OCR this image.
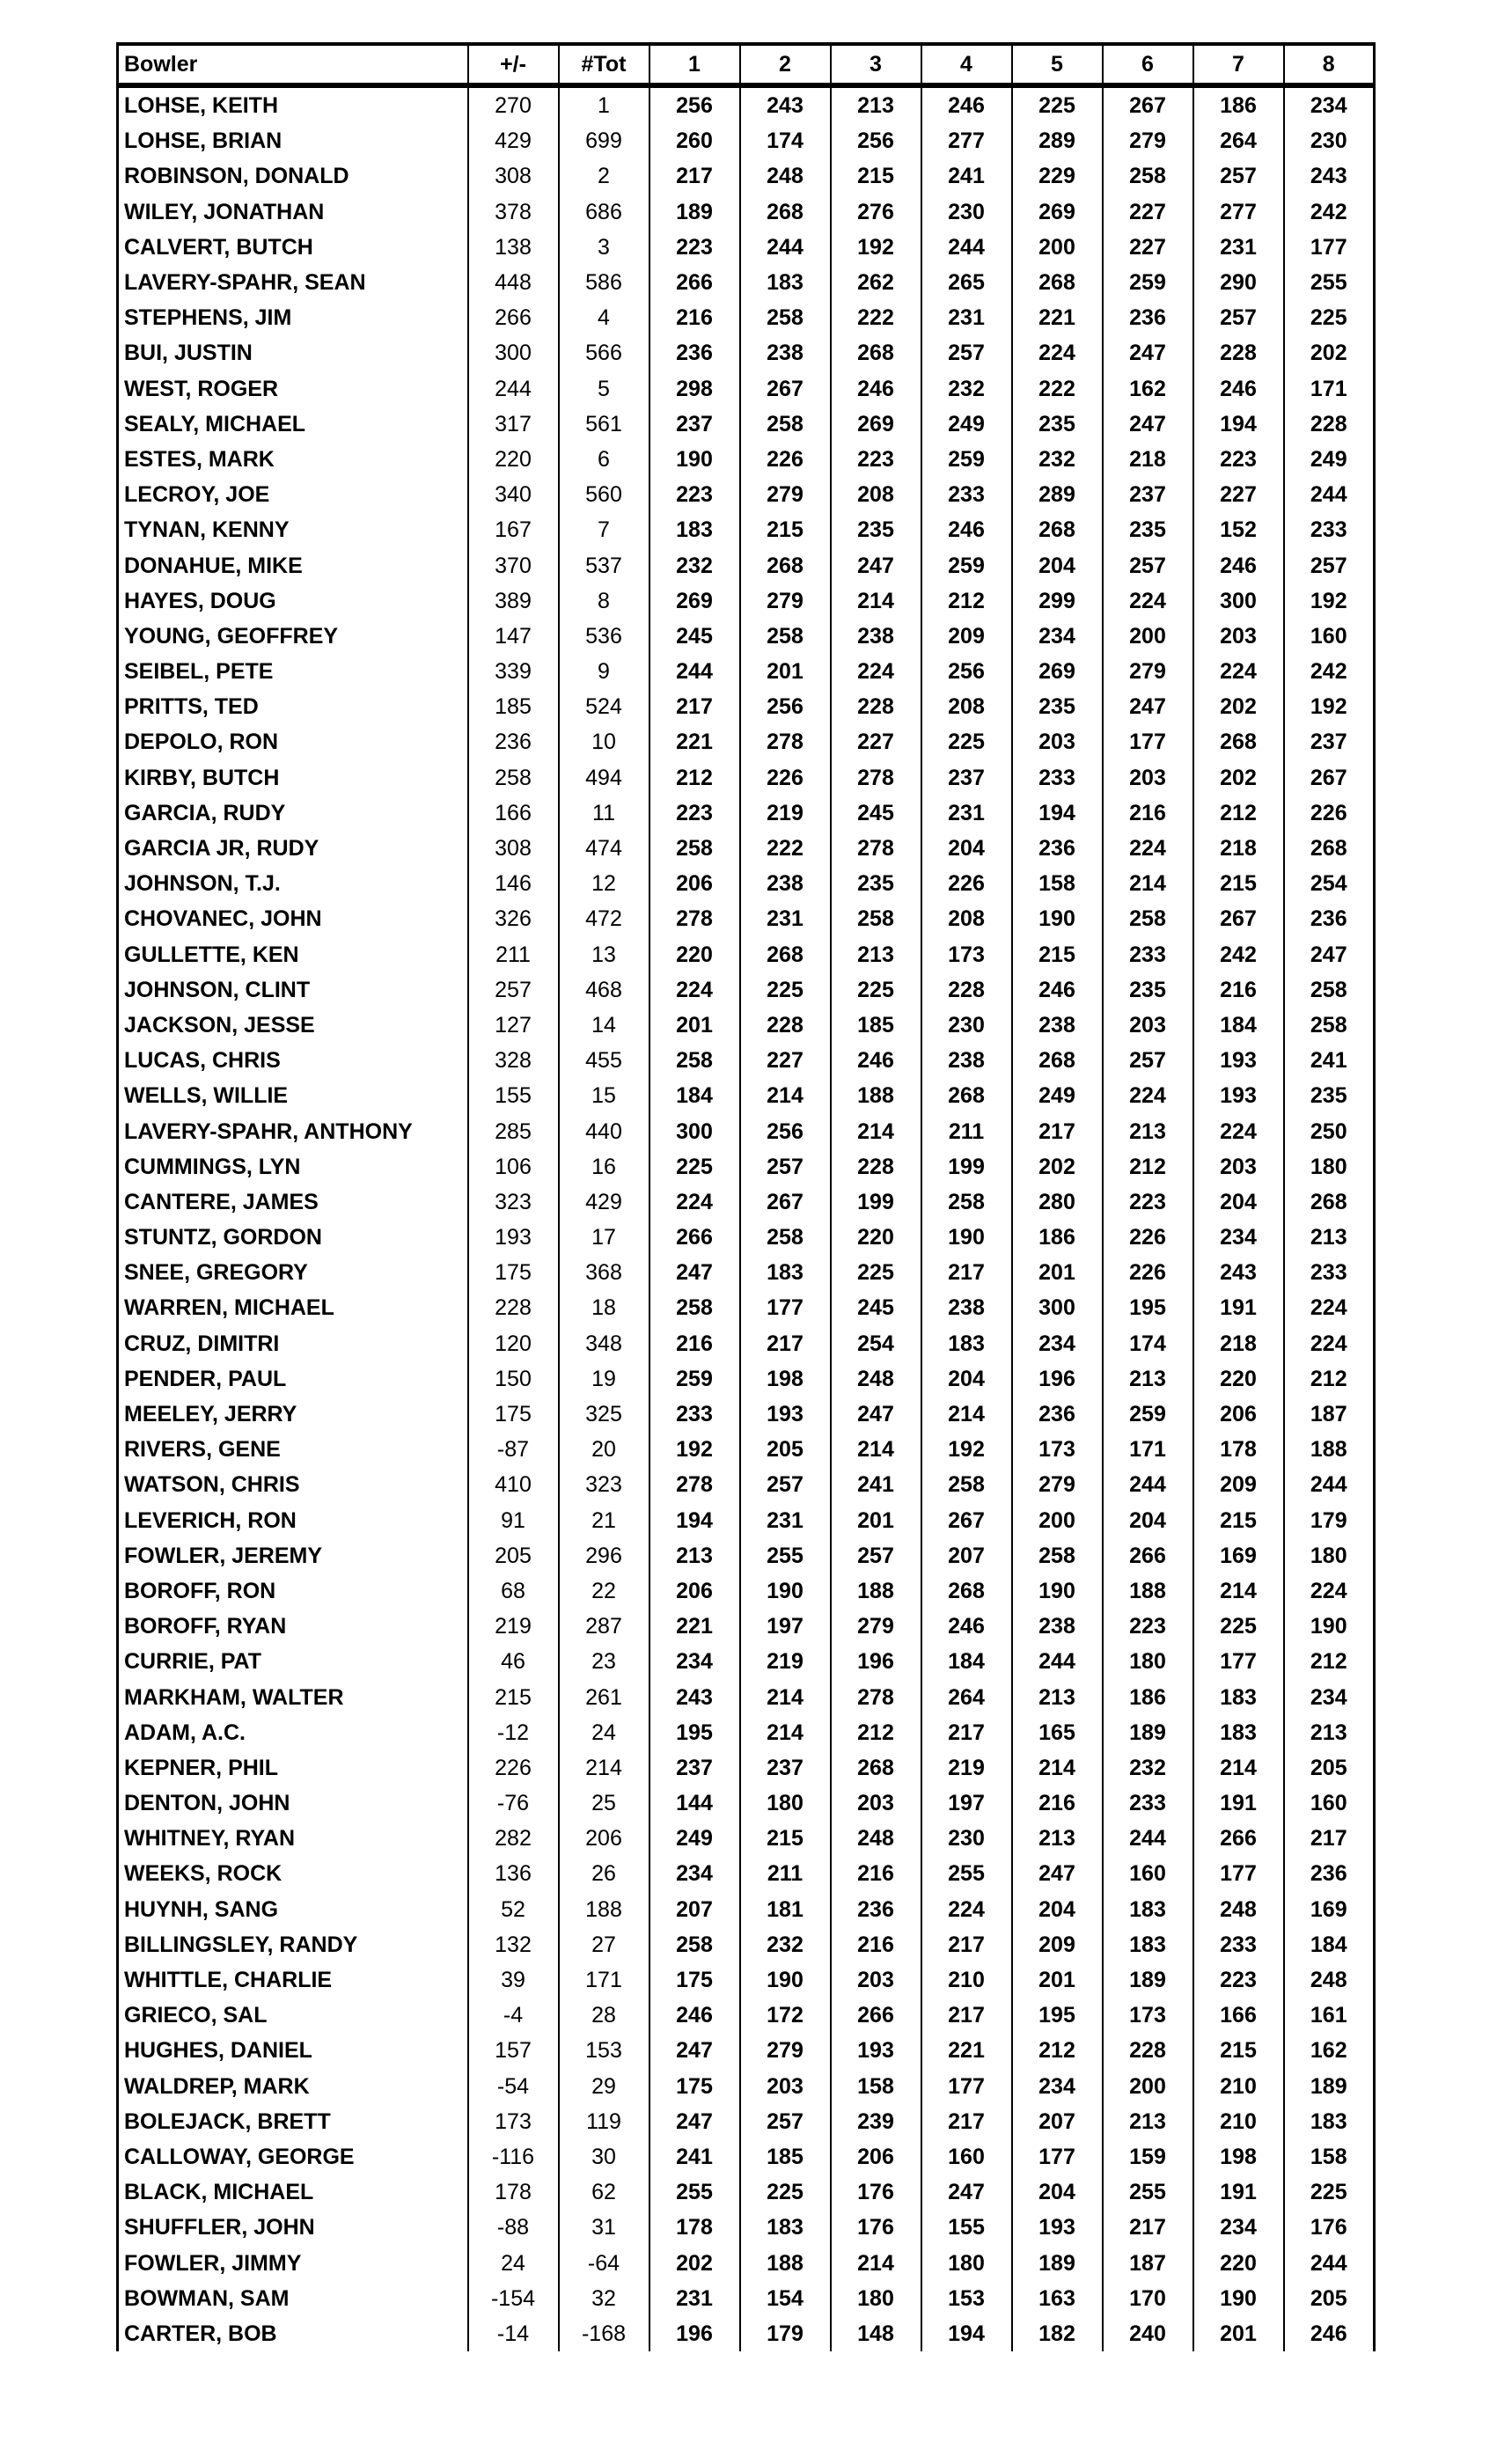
Bowler	+/-	#Tot	1	2	3	4	5	6	7	8
LOHSE, KEITH	270	1	256	243	213	246	225	267	186	234
LOHSE, BRIAN	429	699	260	174	256	277	289	279	264	230
ROBINSON, DONALD	308	2	217	248	215	241	229	258	257	243
WILEY, JONATHAN	378	686	189	268	276	230	269	227	277	242
CALVERT, BUTCH	138	3	223	244	192	244	200	227	231	177
LAVERY-SPAHR, SEAN	448	586	266	183	262	265	268	259	290	255
STEPHENS, JIM	266	4	216	258	222	231	221	236	257	225
BUI, JUSTIN	300	566	236	238	268	257	224	247	228	202
WEST, ROGER	244	5	298	267	246	232	222	162	246	171
SEALY, MICHAEL	317	561	237	258	269	249	235	247	194	228
ESTES, MARK	220	6	190	226	223	259	232	218	223	249
LECROY, JOE	340	560	223	279	208	233	289	237	227	244
TYNAN, KENNY	167	7	183	215	235	246	268	235	152	233
DONAHUE, MIKE	370	537	232	268	247	259	204	257	246	257
HAYES, DOUG	389	8	269	279	214	212	299	224	300	192
YOUNG, GEOFFREY	147	536	245	258	238	209	234	200	203	160
SEIBEL, PETE	339	9	244	201	224	256	269	279	224	242
PRITTS, TED	185	524	217	256	228	208	235	247	202	192
DEPOLO, RON	236	10	221	278	227	225	203	177	268	237
KIRBY, BUTCH	258	494	212	226	278	237	233	203	202	267
GARCIA, RUDY	166	11	223	219	245	231	194	216	212	226
GARCIA JR, RUDY	308	474	258	222	278	204	236	224	218	268
JOHNSON, T.J.	146	12	206	238	235	226	158	214	215	254
CHOVANEC, JOHN	326	472	278	231	258	208	190	258	267	236
GULLETTE, KEN	211	13	220	268	213	173	215	233	242	247
JOHNSON, CLINT	257	468	224	225	225	228	246	235	216	258
JACKSON, JESSE	127	14	201	228	185	230	238	203	184	258
LUCAS, CHRIS	328	455	258	227	246	238	268	257	193	241
WELLS, WILLIE	155	15	184	214	188	268	249	224	193	235
LAVERY-SPAHR, ANTHONY	285	440	300	256	214	211	217	213	224	250
CUMMINGS, LYN	106	16	225	257	228	199	202	212	203	180
CANTERE, JAMES	323	429	224	267	199	258	280	223	204	268
STUNTZ, GORDON	193	17	266	258	220	190	186	226	234	213
SNEE, GREGORY	175	368	247	183	225	217	201	226	243	233
WARREN, MICHAEL	228	18	258	177	245	238	300	195	191	224
CRUZ, DIMITRI	120	348	216	217	254	183	234	174	218	224
PENDER, PAUL	150	19	259	198	248	204	196	213	220	212
MEELEY, JERRY	175	325	233	193	247	214	236	259	206	187
RIVERS, GENE	-87	20	192	205	214	192	173	171	178	188
WATSON, CHRIS	410	323	278	257	241	258	279	244	209	244
LEVERICH, RON	91	21	194	231	201	267	200	204	215	179
FOWLER, JEREMY	205	296	213	255	257	207	258	266	169	180
BOROFF, RON	68	22	206	190	188	268	190	188	214	224
BOROFF, RYAN	219	287	221	197	279	246	238	223	225	190
CURRIE, PAT	46	23	234	219	196	184	244	180	177	212
MARKHAM, WALTER	215	261	243	214	278	264	213	186	183	234
ADAM, A.C.	-12	24	195	214	212	217	165	189	183	213
KEPNER, PHIL	226	214	237	237	268	219	214	232	214	205
DENTON, JOHN	-76	25	144	180	203	197	216	233	191	160
WHITNEY, RYAN	282	206	249	215	248	230	213	244	266	217
WEEKS, ROCK	136	26	234	211	216	255	247	160	177	236
HUYNH, SANG	52	188	207	181	236	224	204	183	248	169
BILLINGSLEY, RANDY	132	27	258	232	216	217	209	183	233	184
WHITTLE, CHARLIE	39	171	175	190	203	210	201	189	223	248
GRIECO, SAL	-4	28	246	172	266	217	195	173	166	161
HUGHES, DANIEL	157	153	247	279	193	221	212	228	215	162
WALDREP, MARK	-54	29	175	203	158	177	234	200	210	189
BOLEJACK, BRETT	173	119	247	257	239	217	207	213	210	183
CALLOWAY, GEORGE	-116	30	241	185	206	160	177	159	198	158
BLACK, MICHAEL	178	62	255	225	176	247	204	255	191	225
SHUFFLER, JOHN	-88	31	178	183	176	155	193	217	234	176
FOWLER, JIMMY	24	-64	202	188	214	180	189	187	220	244
BOWMAN, SAM	-154	32	231	154	180	153	163	170	190	205
CARTER, BOB	-14	-168	196	179	148	194	182	240	201	246
